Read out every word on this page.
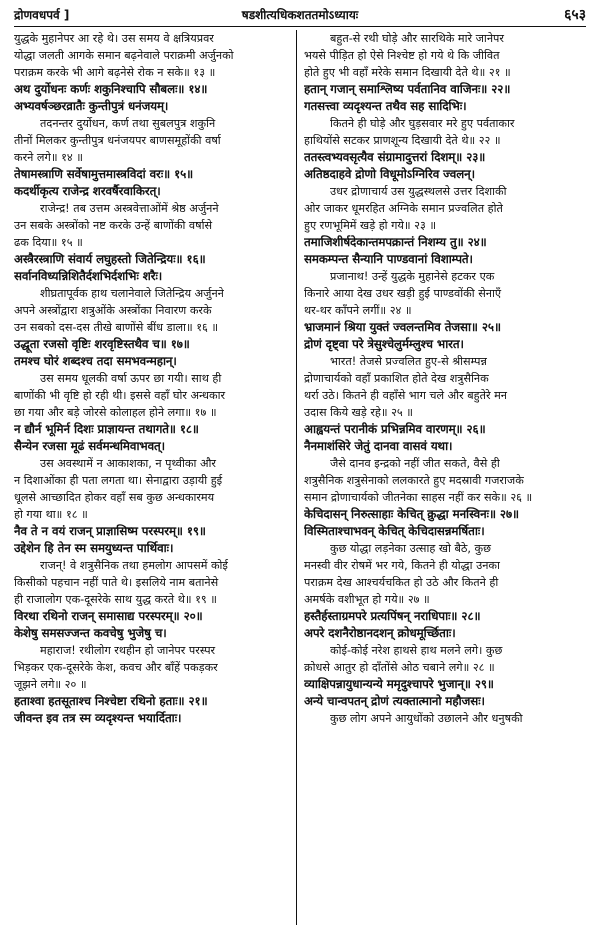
द्रोणवधपर्व ]	षडशीत्यधिकशततमोऽध्यायः	६५३
युद्धके मुहानेपर आ रहे थे। उस समय वे क्षत्रियप्रवर
योद्धा जलती आगके समान बढ़नेवाले पराक्रमी अर्जुनको
पराक्रम करके भी आगे बढ़नेसे रोक न सके॥ १३ ॥
अथ दुर्योधनः कर्णः शकुनिश्चापि सौबलः॥ १४॥
अभ्यवर्षञ्छरव्रातैः कुन्तीपुत्रं धनंजयम्।
तदनन्तर दुर्योधन, कर्ण तथा सुबलपुत्र शकुनि
तीनों मिलकर कुन्तीपुत्र धनंजयपर बाणसमूहोंकी वर्षा
करने लगे॥ १४ ॥
तेषामस्त्राणि सर्वेषामुत्तमास्त्रविदां वरः॥ १५॥
कदर्थीकृत्य राजेन्द्र शरवर्षैरवाकिरत्।
राजेन्द्र! तब उत्तम अस्त्रवेत्ताओंमें श्रेष्ठ अर्जुनने
उन सबके अस्त्रोंको नष्ट करके उन्हें बाणोंकी वर्षासे
ढक दिया॥ १५ ॥
अस्त्रैरस्त्राणि संवार्य लघुहस्तो जितेन्द्रियः॥ १६॥
सर्वानविध्यन्निशितैर्दशभिर्दशभिः शरैः।
शीघ्रतापूर्वक हाथ चलानेवाले जितेन्द्रिय अर्जुनने
अपने अस्त्रोंद्वारा शत्रुओंके अस्त्रोंका निवारण करके
उन सबको दस-दस तीखे बाणोंसे बींध डाला॥ १६ ॥
उद्धूता रजसो वृष्टिः शरवृष्टिस्तथैव च॥ १७॥
तमश्च घोरं शब्दश्च तदा समभवन्महान्।
उस समय धूलकी वर्षा ऊपर छा गयी। साथ ही
बाणोंकी भी वृष्टि हो रही थी। इससे वहाँ घोर अन्धकार
छा गया और बड़े जोरसे कोलाहल होने लगा॥ १७ ॥
न द्यौर्न भूमिर्न दिशः प्राज्ञायन्त तथागते॥ १८॥
सैन्येन रजसा मूढं सर्वमन्धमिवाभवत्।
उस अवस्थामें न आकाशका, न पृथ्वीका और
न दिशाओंका ही पता लगता था। सेनाद्वारा उड़ायी हुई
धूलसे आच्छादित होकर वहाँ सब कुछ अन्धकारमय
हो गया था॥ १८ ॥
नैव ते न वयं राजन् प्राज्ञासिष्म परस्परम्॥ १९॥
उद्देशेन हि तेन स्म समयुध्यन्त पार्थिवाः।
राजन्! वे शत्रुसैनिक तथा हमलोग आपसमें कोई
किसीको पहचान नहीं पाते थे। इसलिये नाम बतानेसे
ही राजालोग एक-दूसरेके साथ युद्ध करते थे॥ १९ ॥
विरथा रथिनो राजन् समासाद्य परस्परम्॥ २०॥
केशेषु समसज्जन्त कवचेषु भुजेषु च।
महाराज! रथीलोग रथहीन हो जानेपर परस्पर
भिड़कर एक-दूसरेके केश, कवच और बाँहें पकड़कर
जूझने लगे॥ २० ॥
हताश्वा हतसूताश्च निश्चेष्टा रथिनो हताः॥ २१॥
जीवन्त इव तत्र स्म व्यदृश्यन्त भयार्दिताः।
बहुत-से रथी घोड़े और सारथिके मारे जानेपर
भयसे पीड़ित हो ऐसे निश्चेष्ट हो गये थे कि जीवित
होते हुए भी वहाँ मरेके समान दिखायी देते थे॥ २१ ॥
हतान् गजान् समाश्लिष्य पर्वतानिव वाजिनः॥ २२॥
गतसत्त्वा व्यदृश्यन्त तथैव सह सादिभिः।
कितने ही घोड़े और घुड़सवार मरे हुए पर्वताकार
हाथियोंसे सटकर प्राणशून्य दिखायी देते थे॥ २२ ॥
ततस्त्वभ्यवसृत्यैव संग्रामादुत्तरां दिशम्॥ २३॥
अतिष्ठदाहवे द्रोणो विधूमोऽग्निरिव ज्वलन्।
उधर द्रोणाचार्य उस युद्धस्थलसे उत्तर दिशाकी
ओर जाकर धूमरहित अग्निके समान प्रज्वलित होते
हुए रणभूमिमें खड़े हो गये॥ २३ ॥
तमाजिशीर्षदेकान्तमपक्रान्तं निशम्य तु॥ २४॥
समकम्पन्त सैन्यानि पाण्डवानां विशाम्पते।
प्रजानाथ! उन्हें युद्धके मुहानेसे हटकर एक
किनारे आया देख उधर खड़ी हुई पाण्डवोंकी सेनाएँ
थर-थर काँपने लगीं॥ २४ ॥
भ्राजमानं श्रिया युक्तं ज्वलन्तमिव तेजसा॥ २५॥
द्रोणं दृष्ट्वा परे त्रेसुश्चेलुर्मम्लुश्च भारत।
भारत! तेजसे प्रज्वलित हुए-से श्रीसम्पन्न
द्रोणाचार्यको वहाँ प्रकाशित होते देख शत्रुसैनिक
थर्रा उठे। कितने ही वहाँसे भाग चले और बहुतेरे मन
उदास किये खड़े रहे॥ २५ ॥
आह्वयन्तं परानीकं प्रभिन्नमिव वारणम्॥ २६॥
नैनमाशंसिरे जेतुं दानवा वासवं यथा।
जैसे दानव इन्द्रको नहीं जीत सकते, वैसे ही
शत्रुसैनिक शत्रुसेनाको ललकारते हुए मदस्रावी गजराजके
समान द्रोणाचार्यको जीतनेका साहस नहीं कर सके॥ २६ ॥
केचिदासन् निरुत्साहाः केचित् क्रुद्धा मनस्विनः॥ २७॥
विस्मिताश्चाभवन् केचित् केचिदासन्नमर्षिताः।
कुछ योद्धा लड़नेका उत्साह खो बैठे, कुछ
मनस्वी वीर रोषमें भर गये, कितने ही योद्धा उनका
पराक्रम देख आश्चर्यचकित हो उठे और कितने ही
अमर्षके वशीभूत हो गये॥ २७ ॥
हस्तैर्हस्ताग्रमपरे प्रत्यपिंषन् नराधिपाः॥ २८॥
अपरे दशनैरोष्ठानदशन् क्रोधमूर्च्छिताः।
कोई-कोई नरेश हाथसे हाथ मलने लगे। कुछ
क्रोधसे आतुर हो दाँतोंसे ओठ चबाने लगे॥ २८ ॥
व्याक्षिपन्नायुधान्यन्ये ममृदुश्चापरे भुजान्॥ २९॥
अन्ये चान्वपतन् द्रोणं त्यक्तात्मानो महौजसः।
कुछ लोग अपने आयुधोंको उछालने और धनुषकी
